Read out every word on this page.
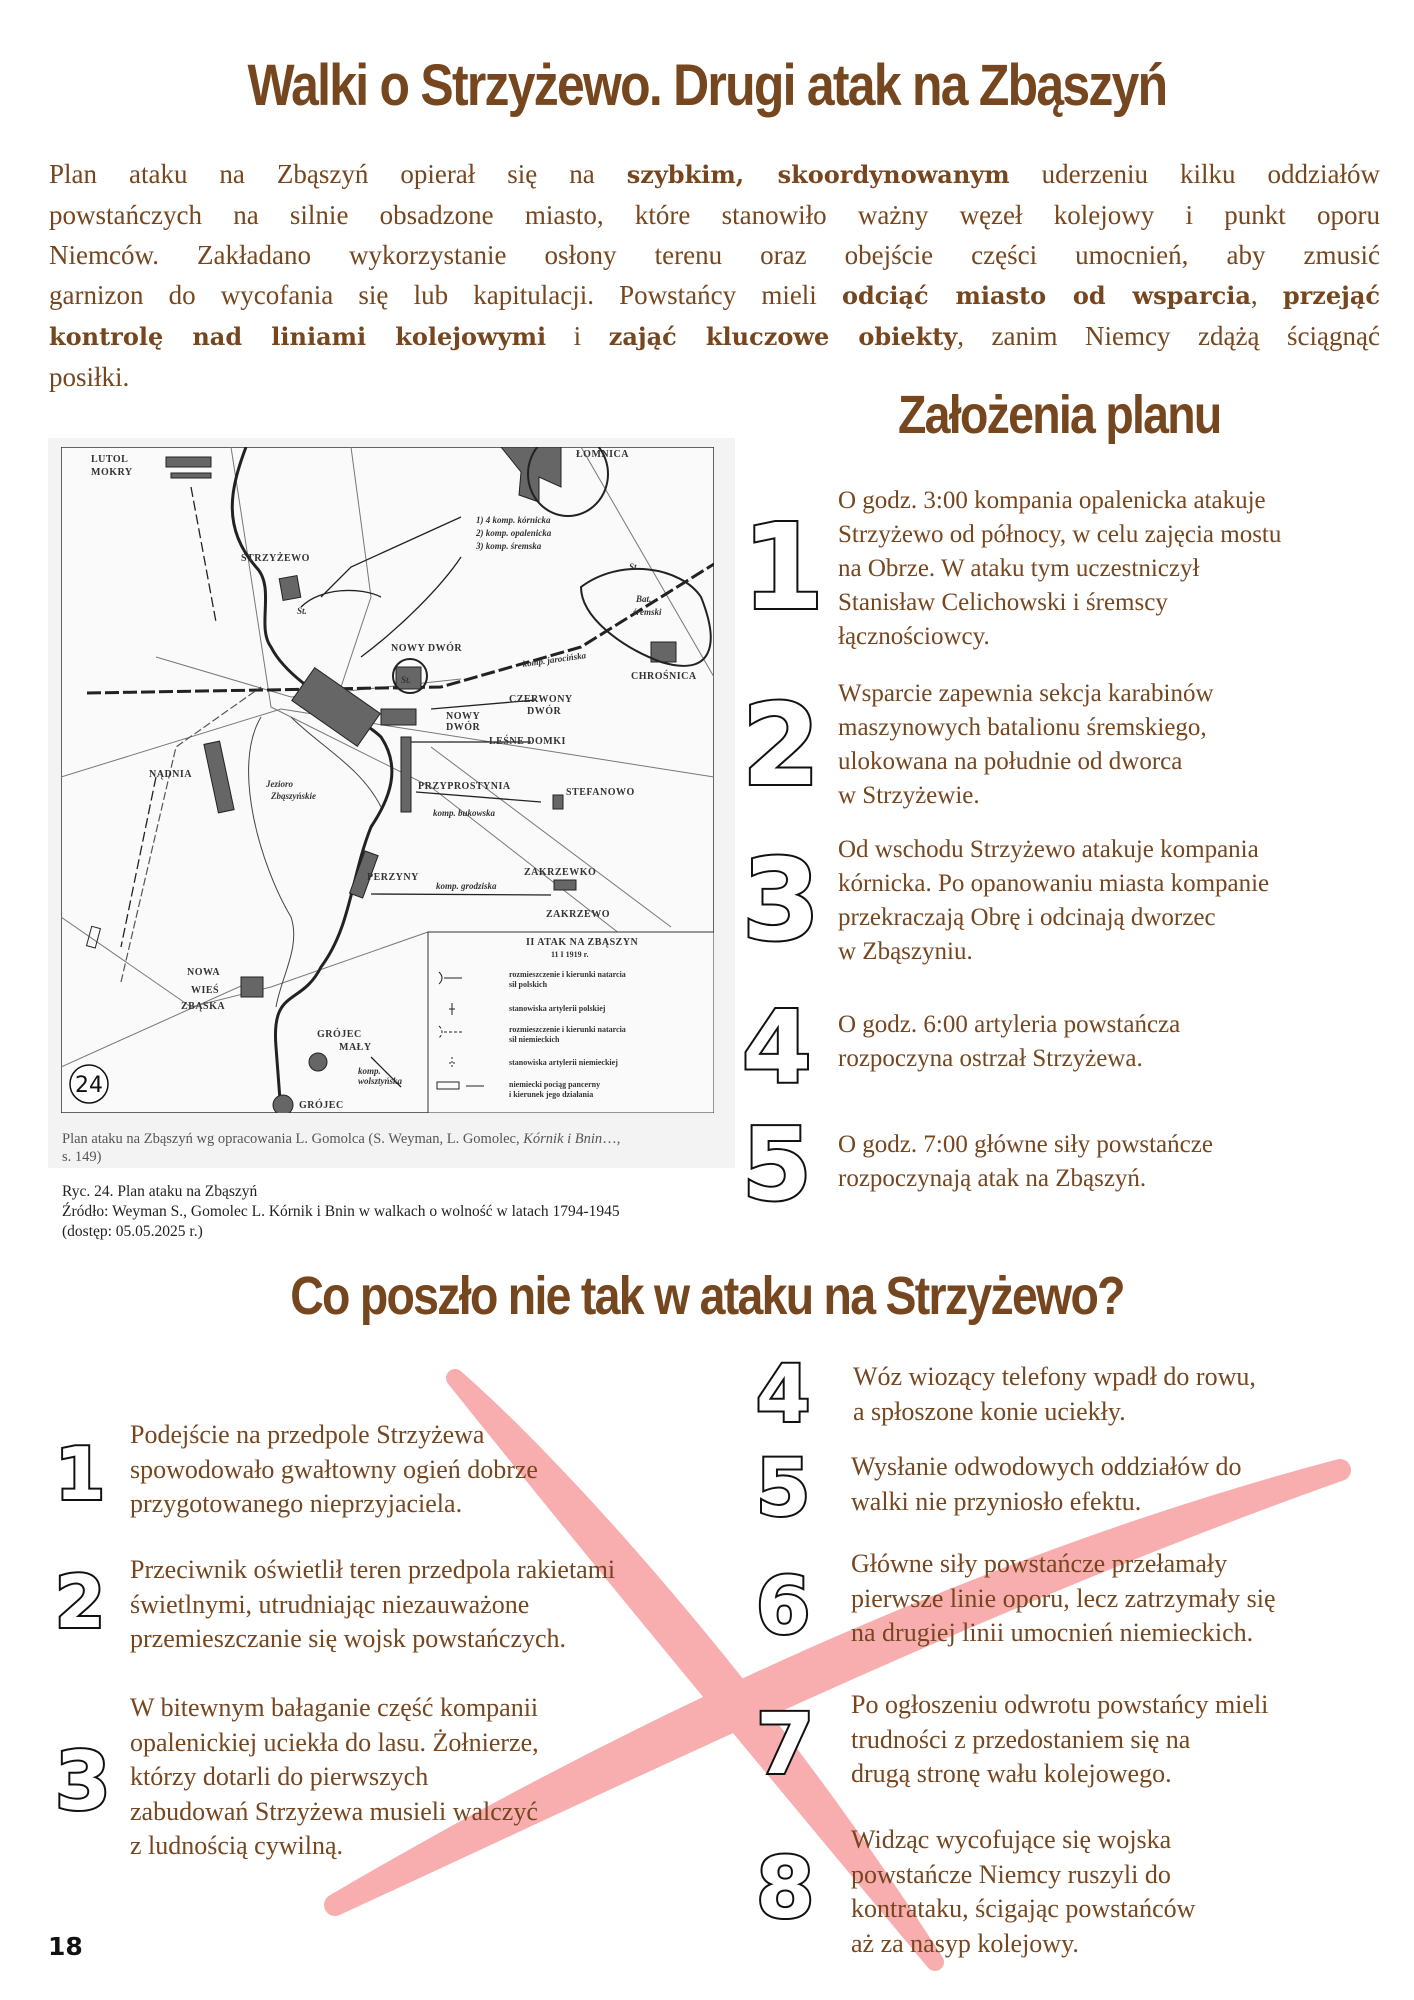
Walki o Strzyżewo. Drugi atak na Zbąszyń
Plan ataku na Zbąszyń opierał się na szybkim, skoordynowanym uderzeniu kilku oddziałów
powstańczych na silnie obsadzone miasto, które stanowiło ważny węzeł kolejowy i punkt oporu
Niemców. Zakładano wykorzystanie osłony terenu oraz obejście części umocnień, aby zmusić
garnizon do wycofania się lub kapitulacji. Powstańcy mieli odciąć miasto od wsparcia, przejąć
kontrolę nad liniami kolejowymi i zająć kluczowe obiekty, zanim Niemcy zdążą ściągnąć
posiłki.
LUTOL
MOKRY
ŁOMNICA
1) 4 komp. kórnicka
2) komp. opalenicka
3) komp. śremska
STRZYŻEWO
St.
NOWY DWÓR
komp. jarocińska
St.
Bat.
śremski
CHROŚNICA
CZERWONY
DWÓR
NOWY
DWÓR
LEŚNE DOMKI
NĄDNIA
Jezioro
Zbąszyńskie
PRZYPROSTYNIA
STEFANOWO
komp. bukowska
ZAKRZEWKO
PERZYNY
komp. grodziska
ZAKRZEWO
NOWA
WIEŚ
ZBĄSKA
GRÓJEC
MAŁY
komp.
wolsztyńska
GRÓJEC
St.
II ATAK NA ZBĄSZYN
11 I 1919 r.
rozmieszczenie i kierunki natarcia
sił polskich
stanowiska artylerii polskiej
rozmieszczenie i kierunki natarcia
sił niemieckich
stanowiska artylerii niemieckiej
niemiecki pociąg pancerny
i kierunek jego działania
24
Plan ataku na Zbąszyń wg opracowania L. Gomolca (S. Weyman, L. Gomolec, Kórnik i Bnin…,
s. 149)
Ryc. 24. Plan ataku na Zbąszyń
Źródło: Weyman S., Gomolec L. Kórnik i Bnin w walkach o wolność w latach 1794-1945
(dostęp: 05.05.2025 r.)
Założenia planu
1 O godz. 3:00 kompania opalenicka atakuje
Strzyżewo od północy, w celu zajęcia mostu
na Obrze. W ataku tym uczestniczył
Stanisław Celichowski i śremscy
łącznościowcy.
2 Wsparcie zapewnia sekcja karabinów
maszynowych batalionu śremskiego,
ulokowana na południe od dworca
w Strzyżewie.
3 Od wschodu Strzyżewo atakuje kompania
kórnicka. Po opanowaniu miasta kompanie
przekraczają Obrę i odcinają dworzec
w Zbąszyniu.
4 O godz. 6:00 artyleria powstańcza
rozpoczyna ostrzał Strzyżewa.
5 O godz. 7:00 główne siły powstańcze
rozpoczynają atak na Zbąszyń.
Co poszło nie tak w ataku na Strzyżewo?
1 Podejście na przedpole Strzyżewa
spowodowało gwałtowny ogień dobrze
przygotowanego nieprzyjaciela.
2 Przeciwnik oświetlił teren przedpola rakietami
świetlnymi, utrudniając niezauważone
przemieszczanie się wojsk powstańczych.
3
W bitewnym bałaganie część kompanii
opalenickiej uciekła do lasu. Żołnierze,
którzy dotarli do pierwszych
zabudowań Strzyżewa musieli walczyć
z ludnością cywilną.
4 Wóz wiozący telefony wpadł do rowu,
a spłoszone konie uciekły.
5 Wysłanie odwodowych oddziałów do
walki nie przyniosło efektu.
6 Główne siły powstańcze przełamały
pierwsze linie oporu, lecz zatrzymały się
na drugiej linii umocnień niemieckich.
7 Po ogłoszeniu odwrotu powstańcy mieli
trudności z przedostaniem się na
drugą stronę wału kolejowego.
8 Widząc wycofujące się wojska
powstańcze Niemcy ruszyli do
kontrataku, ścigając powstańców
aż za nasyp kolejowy.
18
